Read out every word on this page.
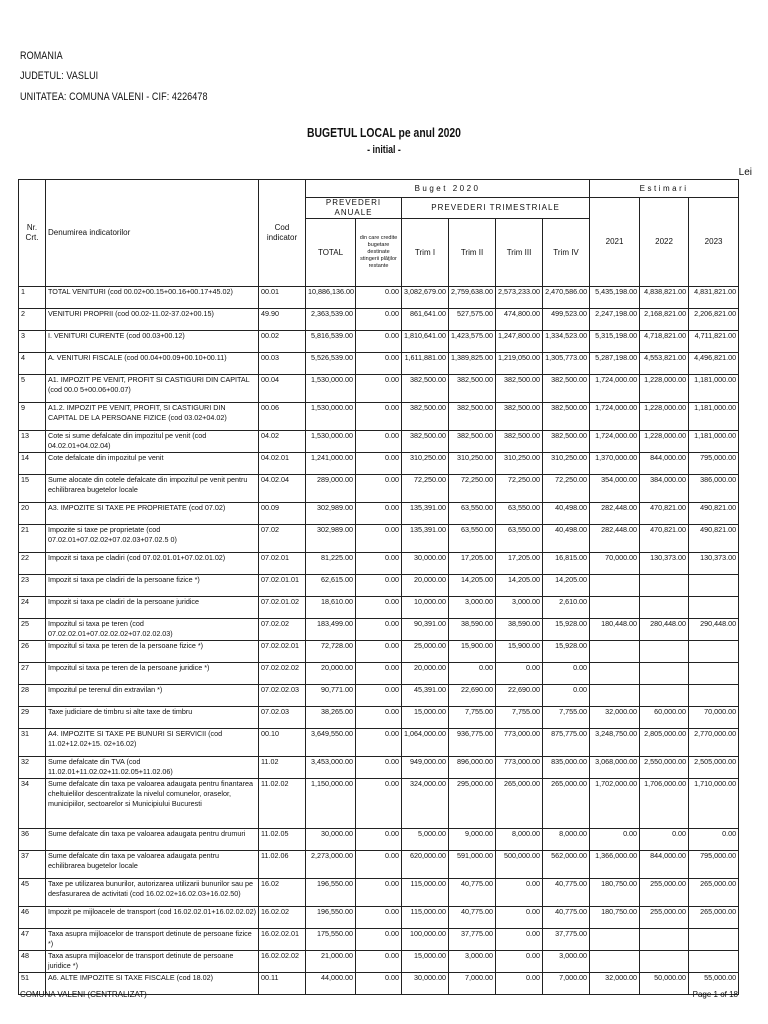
ROMANIA
JUDETUL: VASLUI
UNITATEA: COMUNA VALENI - CIF: 4226478
BUGETUL LOCAL pe anul 2020
- initial -
Lei
Nr. Crt.	Denumirea indicatorilor	Cod indicator	Buget 2020						Estimari		
			PREVEDERI ANUALE		PREVEDERI TRIMESTRIALE				2021	2022	2023
			TOTAL	din care credite bugetare destinate stingerii plăţilor restante	Trim I	Trim II	Trim III	Trim IV			
1	TOTAL VENITURI (cod 00.02+00.15+00.16+00.17+45.02)	00.01	10,886,136.00	0.00	3,082,679.00	2,759,638.00	2,573,233.00	2,470,586.00	5,435,198.00	4,838,821.00	4,831,821.00
2	VENITURI PROPRII (cod 00.02-11.02-37.02+00.15)	49.90	2,363,539.00	0.00	861,641.00	527,575.00	474,800.00	499,523.00	2,247,198.00	2,168,821.00	2,206,821.00
3	I. VENITURI CURENTE (cod 00.03+00.12)	00.02	5,816,539.00	0.00	1,810,641.00	1,423,575.00	1,247,800.00	1,334,523.00	5,315,198.00	4,718,821.00	4,711,821.00
4	A. VENITURI FISCALE (cod 00.04+00.09+00.10+00.11)	00.03	5,526,539.00	0.00	1,611,881.00	1,389,825.00	1,219,050.00	1,305,773.00	5,287,198.00	4,553,821.00	4,496,821.00
5	A1. IMPOZIT PE VENIT, PROFIT SI CASTIGURI DIN CAPITAL (cod 00.0 5+00.06+00.07)	00.04	1,530,000.00	0.00	382,500.00	382,500.00	382,500.00	382,500.00	1,724,000.00	1,228,000.00	1,181,000.00
9	A1.2. IMPOZIT PE VENIT, PROFIT, SI CASTIGURI DIN CAPITAL DE LA PERSOANE FIZICE (cod 03.02+04.02)	00.06	1,530,000.00	0.00	382,500.00	382,500.00	382,500.00	382,500.00	1,724,000.00	1,228,000.00	1,181,000.00
13	Cote si sume defalcate din impozitul pe venit (cod 04.02.01+04.02.04)	04.02	1,530,000.00	0.00	382,500.00	382,500.00	382,500.00	382,500.00	1,724,000.00	1,228,000.00	1,181,000.00
14	Cote defalcate din impozitul pe venit	04.02.01	1,241,000.00	0.00	310,250.00	310,250.00	310,250.00	310,250.00	1,370,000.00	844,000.00	795,000.00
15	Sume alocate din cotele defalcate din impozitul pe venit pentru echilibrarea bugetelor locale	04.02.04	289,000.00	0.00	72,250.00	72,250.00	72,250.00	72,250.00	354,000.00	384,000.00	386,000.00
20	A3. IMPOZITE SI TAXE PE PROPRIETATE (cod 07.02)	00.09	302,989.00	0.00	135,391.00	63,550.00	63,550.00	40,498.00	282,448.00	470,821.00	490,821.00
21	Impozite si taxe pe proprietate (cod 07.02.01+07.02.02+07.02.03+07.02.5 0)	07.02	302,989.00	0.00	135,391.00	63,550.00	63,550.00	40,498.00	282,448.00	470,821.00	490,821.00
22	Impozit si taxa pe cladiri (cod 07.02.01.01+07.02.01.02)	07.02.01	81,225.00	0.00	30,000.00	17,205.00	17,205.00	16,815.00	70,000.00	130,373.00	130,373.00
23	Impozit si taxa pe cladiri de la persoane fizice *)	07.02.01.01	62,615.00	0.00	20,000.00	14,205.00	14,205.00	14,205.00			
24	Impozit si taxa pe cladiri de la persoane juridice	07.02.01.02	18,610.00	0.00	10,000.00	3,000.00	3,000.00	2,610.00			
25	Impozitul si taxa pe teren (cod 07.02.02.01+07.02.02.02+07.02.02.03)	07.02.02	183,499.00	0.00	90,391.00	38,590.00	38,590.00	15,928.00	180,448.00	280,448.00	290,448.00
26	Impozitul si taxa pe teren de la persoane fizice *)	07.02.02.01	72,728.00	0.00	25,000.00	15,900.00	15,900.00	15,928.00			
27	Impozitul si taxa pe teren de la persoane juridice *)	07.02.02.02	20,000.00	0.00	20,000.00	0.00	0.00	0.00			
28	Impozitul pe terenul din extravilan *)	07.02.02.03	90,771.00	0.00	45,391.00	22,690.00	22,690.00	0.00			
29	Taxe judiciare de timbru si alte taxe de timbru	07.02.03	38,265.00	0.00	15,000.00	7,755.00	7,755.00	7,755.00	32,000.00	60,000.00	70,000.00
31	A4. IMPOZITE SI TAXE PE BUNURI SI SERVICII (cod 11.02+12.02+15. 02+16.02)	00.10	3,649,550.00	0.00	1,064,000.00	936,775.00	773,000.00	875,775.00	3,248,750.00	2,805,000.00	2,770,000.00
32	Sume defalcate din TVA (cod 11.02.01+11.02.02+11.02.05+11.02.06)	11.02	3,453,000.00	0.00	949,000.00	896,000.00	773,000.00	835,000.00	3,068,000.00	2,550,000.00	2,505,000.00
34	Sume defalcate din taxa pe valoarea adaugata pentru finantarea cheltuielilor descentralizate la nivelul comunelor, oraselor, municipiilor, sectoarelor si Municipiului Bucuresti	11.02.02	1,150,000.00	0.00	324,000.00	295,000.00	265,000.00	265,000.00	1,702,000.00	1,706,000.00	1,710,000.00
36	Sume defalcate din taxa pe valoarea adaugata pentru drumuri	11.02.05	30,000.00	0.00	5,000.00	9,000.00	8,000.00	8,000.00	0.00	0.00	0.00
37	Sume defalcate din taxa pe valoarea adaugata pentru echilibrarea bugetelor locale	11.02.06	2,273,000.00	0.00	620,000.00	591,000.00	500,000.00	562,000.00	1,366,000.00	844,000.00	795,000.00
45	Taxe pe utilizarea bunurilor, autorizarea utilizarii bunurilor sau pe desfasurarea de activitati (cod 16.02.02+16.02.03+16.02.50)	16.02	196,550.00	0.00	115,000.00	40,775.00	0.00	40,775.00	180,750.00	255,000.00	265,000.00
46	Impozit pe mijloacele de transport (cod 16.02.02.01+16.02.02.02)	16.02.02	196,550.00	0.00	115,000.00	40,775.00	0.00	40,775.00	180,750.00	255,000.00	265,000.00
47	Taxa asupra mijloacelor de transport detinute de persoane fizice *)	16.02.02.01	175,550.00	0.00	100,000.00	37,775.00	0.00	37,775.00			
48	Taxa asupra mijloacelor de transport detinute de persoane juridice *)	16.02.02.02	21,000.00	0.00	15,000.00	3,000.00	0.00	3,000.00			
51	A6. ALTE IMPOZITE SI TAXE FISCALE (cod 18.02)	00.11	44,000.00	0.00	30,000.00	7,000.00	0.00	7,000.00	32,000.00	50,000.00	55,000.00
COMUNA VALENI (CENTRALIZAT)	Page 1 of 18
